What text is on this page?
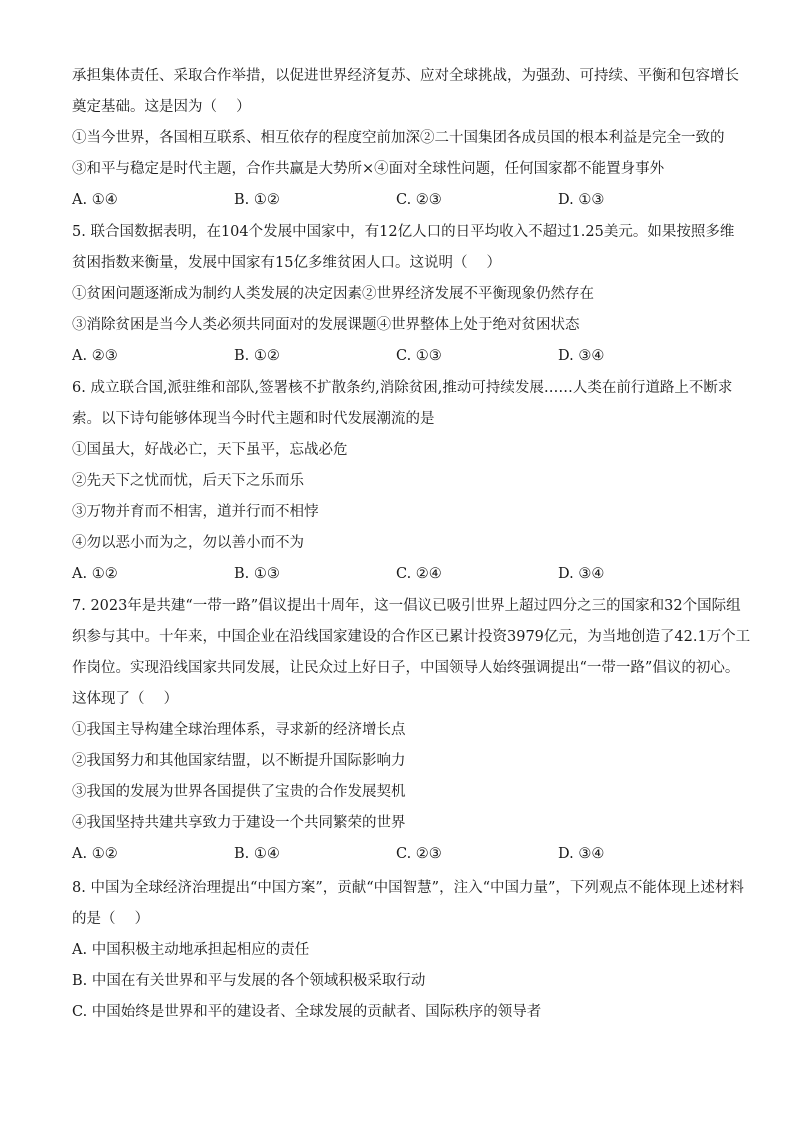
承担集体责任、采取合作举措，以促进世界经济复苏、应对全球挑战，为强劲、可持续、平衡和包容增长
奠定基础。这是因为（　 ）
①当今世界，各国相互联系、相互依存的程度空前加深②二十国集团各成员国的根本利益是完全一致的
③和平与稳定是时代主题，合作共赢是大势所×④面对全球性问题，任何国家都不能置身事外
A. ①④	B. ①②	C. ②③	D. ①③
5. 联合国数据表明，在104个发展中国家中，有12亿人口的日平均收入不超过1.25美元。如果按照多维
贫困指数来衡量，发展中国家有15亿多维贫困人口。这说明（　 ）
①贫困问题逐渐成为制约人类发展的决定因素②世界经济发展不平衡现象仍然存在
③消除贫困是当今人类必须共同面对的发展课题④世界整体上处于绝对贫困状态
A. ②③	B. ①②	C. ①③	D. ③④
6. 成立联合国,派驻维和部队,签署核不扩散条约,消除贫困,推动可持续发展……人类在前行道路上不断求
索。以下诗句能够体现当今时代主题和时代发展潮流的是
①国虽大，好战必亡，天下虽平，忘战必危
②先天下之忧而忧，后天下之乐而乐
③万物并育而不相害，道并行而不相悖
④勿以恶小而为之，勿以善小而不为
A. ①②	B. ①③	C. ②④	D. ③④
7. 2023年是共建“一带一路”倡议提出十周年，这一倡议已吸引世界上超过四分之三的国家和32个国际组
织参与其中。十年来，中国企业在沿线国家建设的合作区已累计投资3979亿元，为当地创造了42.1万个工
作岗位。实现沿线国家共同发展，让民众过上好日子，中国领导人始终强调提出“一带一路”倡议的初心。
这体现了（　 ）
①我国主导构建全球治理体系，寻求新的经济增长点
②我国努力和其他国家结盟，以不断提升国际影响力
③我国的发展为世界各国提供了宝贵的合作发展契机
④我国坚持共建共享致力于建设一个共同繁荣的世界
A. ①②	B. ①④	C. ②③	D. ③④
8. 中国为全球经济治理提出“中国方案”，贡献“中国智慧”，注入“中国力量”，下列观点不能体现上述材料
的是（　 ）
A. 中国积极主动地承担起相应的责任
B. 中国在有关世界和平与发展的各个领域积极采取行动
C. 中国始终是世界和平的建设者、全球发展的贡献者、国际秩序的领导者
